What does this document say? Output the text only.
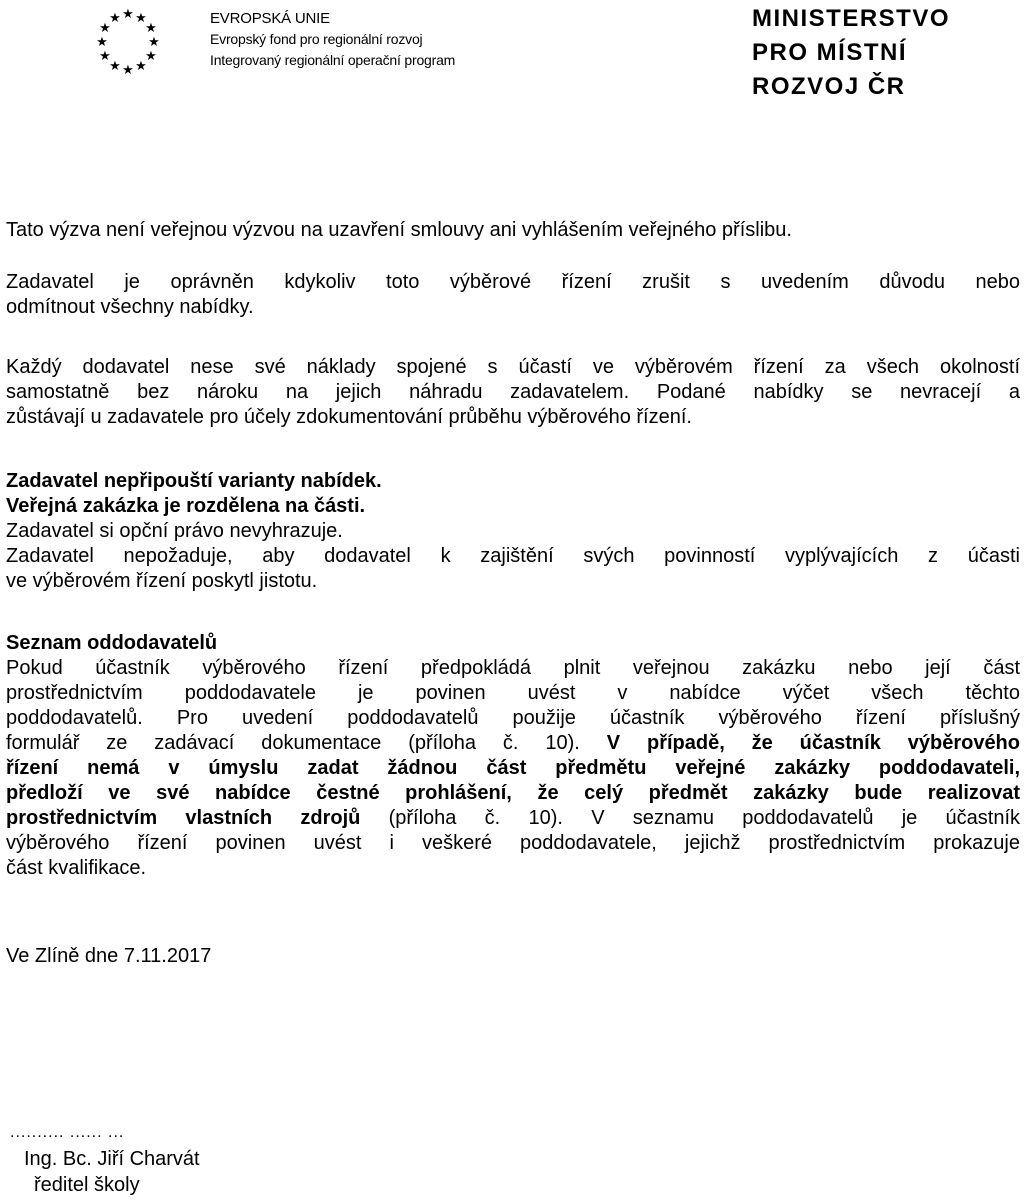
★ ★
★
★
★
★
★
★
★
★
★
★	EVROPSKÁ UNIE
Evropský fond pro regionální rozvoj
Integrovaný regionální operační program
MINISTERSTVO
PRO MÍSTNÍ
ROZVOJ ČR
Tato výzva není veřejnou výzvou na uzavření smlouvy ani vyhlášením veřejného příslibu.
Zadavatel je oprávněn kdykoliv toto výběrové řízení zrušit s uvedením důvodu nebo
odmítnout všechny nabídky.
Každý dodavatel nese své náklady spojené s účastí ve výběrovém řízení za všech okolností
samostatně bez nároku na jejich náhradu zadavatelem. Podané nabídky se nevracejí a
zůstávají u zadavatele pro účely zdokumentování průběhu výběrového řízení.
Zadavatel nepřipouští varianty nabídek.
Veřejná zakázka je rozdělena na části.
Zadavatel si opční právo nevyhrazuje.
Zadavatel nepožaduje, aby dodavatel k zajištění svých povinností vyplývajících z účasti
ve výběrovém řízení poskytl jistotu.
Seznam oddodavatelů
Pokud účastník výběrového řízení předpokládá plnit veřejnou zakázku nebo její část
prostřednictvím poddodavatele je povinen uvést v nabídce výčet všech těchto
poddodavatelů. Pro uvedení poddodavatelů použije účastník výběrového řízení příslušný
formulář ze zadávací dokumentace (příloha č. 10). V případě, že účastník výběrového
řízení nemá v úmyslu zadat žádnou část předmětu veřejné zakázky poddodavateli,
předloží ve své nabídce čestné prohlášení, že celý předmět zakázky bude realizovat
prostřednictvím vlastních zdrojů (příloha č. 10). V seznamu poddodavatelů je účastník
výběrového řízení povinen uvést i veškeré poddodavatele, jejichž prostřednictvím prokazuje
část kvalifikace.
Ve Zlíně dne 7.11.2017
.......... ...... ...
Ing. Bc. Jiří Charvát
ředitel školy
